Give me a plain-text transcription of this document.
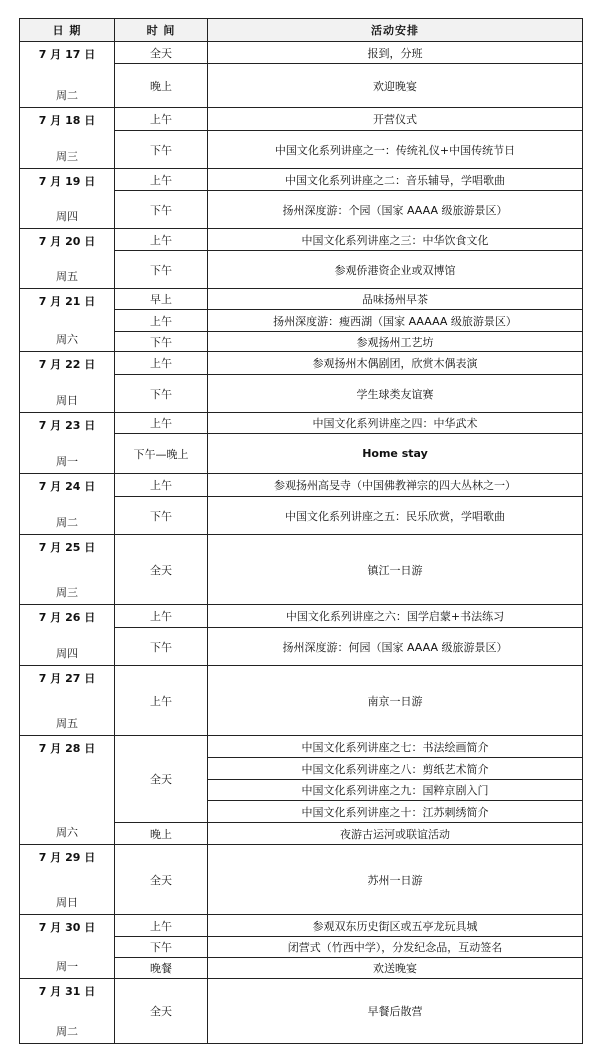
日 期	时 间	活动安排

7 月 17 日
周二	全天	报到，分班
	晚上	欢迎晚宴

7 月 18 日
周三	上午	开营仪式
	下午	中国文化系列讲座之一：传统礼仪+中国传统节日

7 月 19 日
周四	上午	中国文化系列讲座之二：音乐辅导，学唱歌曲
	下午	扬州深度游：个园（国家 AAAA 级旅游景区）

7 月 20 日
周五	上午	中国文化系列讲座之三：中华饮食文化
	下午	参观侨港资企业或双博馆

7 月 21 日
周六	早上	品味扬州早茶
	上午	扬州深度游：瘦西湖（国家 AAAAA 级旅游景区）
	下午	参观扬州工艺坊

7 月 22 日
周日	上午	参观扬州木偶剧团，欣赏木偶表演
	下午	学生球类友谊赛

7 月 23 日
周一	上午	中国文化系列讲座之四：中华武术
	下午—晚上	Home stay

7 月 24 日
周二	上午	参观扬州高旻寺（中国佛教禅宗的四大丛林之一）
	下午	中国文化系列讲座之五：民乐欣赏，学唱歌曲

7 月 25 日
周三	全天	镇江一日游

7 月 26 日
周四	上午	中国文化系列讲座之六：国学启蒙+书法练习
	下午	扬州深度游：何园（国家 AAAA 级旅游景区）

7 月 27 日
周五	上午	南京一日游

7 月 28 日
周六	全天	中国文化系列讲座之七：书法绘画简介
		中国文化系列讲座之八：剪纸艺术简介
		中国文化系列讲座之九：国粹京剧入门
		中国文化系列讲座之十：江苏刺绣简介
	晚上	夜游古运河或联谊活动

7 月 29 日
周日	全天	苏州一日游

7 月 30 日
周一	上午	参观双东历史街区或五亭龙玩具城
	下午	闭营式（竹西中学），分发纪念品，互动签名
	晚餐	欢送晚宴

7 月 31 日
周二	全天	早餐后散营
